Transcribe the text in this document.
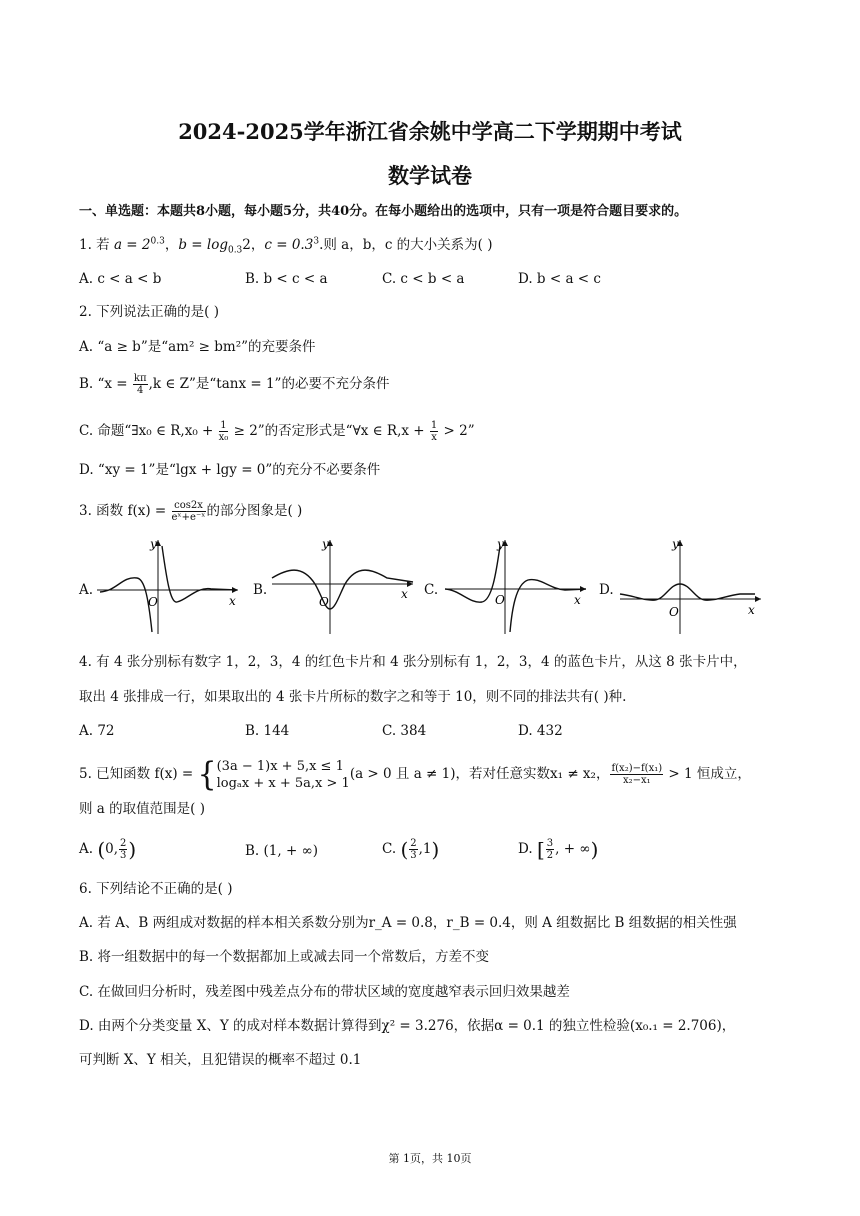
2024-2025学年浙江省余姚中学高二下学期期中考试
数学试卷
一、单选题：本题共8小题，每小题5分，共40分。在每小题给出的选项中，只有一项是符合题目要求的。
1. 若 $a = 2^{0.3}$，$b = \log_{0.3}2$，$c = 0.3^3$.则 a，b，c 的大小关系为( )
A. c < a < b	B. b < c < a	C. c < b < a	D. b < a < c
2. 下列说法正确的是( )
A. “a ≥ b”是“am² ≥ bm²”的充要条件
B. “$x = \frac{k\pi}{4} ,k$ ∈ Z”是“tanx = 1”的必要不充分条件
C. 命题“∃x₀ ∈ $R,x_0 + \frac{1}{\text{x₀}} \ge 2$”的否定形式是“∀x ∈ $R,x + \frac{1}{x} > 2$”
D. “xy = 1”是“lgx + lgy = 0”的充分不必要条件
3. 函数 $f(x) = \frac{\cos 2x}{\text{eˣ+e⁻ˣ}}$ 的部分图象是( )
A.
y
x
O
B.
y
x
O
C.
y
x
O
D.
y
x
O
4. 有 4 张分别标有数字 1，2，3，4 的红色卡片和 4 张分别标有 1，2，3，4 的蓝色卡片，从这 8 张卡片中，
取出 4 张排成一行，如果取出的 4 张卡片所标的数字之和等于 10，则不同的排法共有( )种.
A. 72	B. 144	C. 384	D. 432
5. 已知函数 f(x) = { (3a − 1)x + 5,x ≤ 1
logₐx + x + 5a,x > 1
(a > 0 且 a ≠ 1)，若对任意实数x₁ ≠ x₂， $\frac{\text{f(x₂)−f(x₁)}}{\text{x₂−x₁}} > 1$ 恒成立，
则 a 的取值范围是( )
A. (0, $\frac{2}{3}$ )	B. (1, + ∞)	C. ( $\frac{2}{3} ,1$)	D. [ $\frac{3}{2}$ , + ∞)
6. 下列结论不正确的是( )
A. 若 A、B 两组成对数据的样本相关系数分别为r_A = 0.8，r_B = 0.4，则 A 组数据比 B 组数据的相关性强
B. 将一组数据中的每一个数据都加上或减去同一个常数后，方差不变
C. 在做回归分析时，残差图中残差点分布的带状区域的宽度越窄表示回归效果越差
D. 由两个分类变量 X、Y 的成对样本数据计算得到χ² = 3.276，依据α = 0.1 的独立性检验(x₀.₁ = 2.706)，
可判断 X、Y 相关，且犯错误的概率不超过 0.1
第 1页，共 10页
